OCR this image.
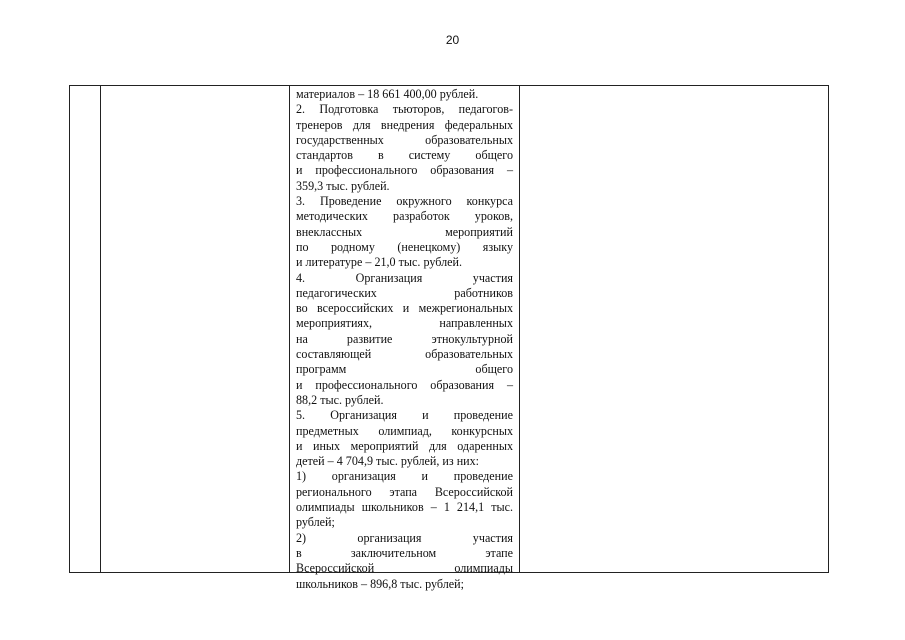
20
материалов – 18 661 400,00 рублей.
2. Подготовка тьюторов, педагогов-
тренеров для внедрения федеральных
государственных образовательных
стандартов в систему общего
и профессионального образования –
359,3 тыс. рублей.
3. Проведение окружного конкурса
методических разработок уроков,
внеклассных мероприятий
по родному (ненецкому) языку
и литературе – 21,0 тыс. рублей.
4. Организация участия
педагогических работников
во всероссийских и межрегиональных
мероприятиях, направленных
на развитие этнокультурной
составляющей образовательных
программ общего
и профессионального образования –
88,2 тыс. рублей.
5. Организация и проведение
предметных олимпиад, конкурсных
и иных мероприятий для одаренных
детей – 4 704,9 тыс. рублей, из них:
1) организация и проведение
регионального этапа Всероссийской
олимпиады школьников – 1 214,1 тыс.
рублей;
2) организация участия
в заключительном этапе
Всероссийской олимпиады
школьников – 896,8 тыс. рублей;
